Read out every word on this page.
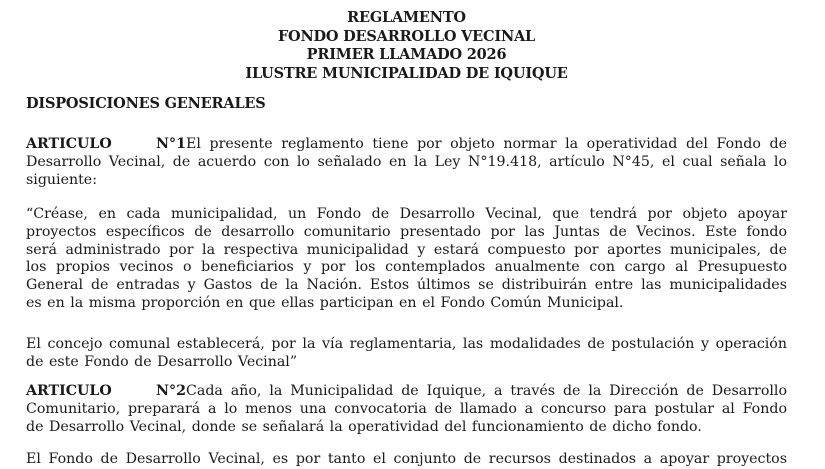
REGLAMENTO
FONDO DESARROLLO VECINAL
PRIMER LLAMADO 2026
ILUSTRE MUNICIPALIDAD DE IQUIQUE
DISPOSICIONES GENERALES
ARTICULO N°1El presente reglamento tiene por objeto normar la operatividad del Fondo de
Desarrollo Vecinal, de acuerdo con lo señalado en la Ley N°19.418, artículo N°45, el cual señala lo
siguiente:
“Créase, en cada municipalidad, un Fondo de Desarrollo Vecinal, que tendrá por objeto apoyar
proyectos específicos de desarrollo comunitario presentado por las Juntas de Vecinos. Este fondo
será administrado por la respectiva municipalidad y estará compuesto por aportes municipales, de
los propios vecinos o beneficiarios y por los contemplados anualmente con cargo al Presupuesto
General de entradas y Gastos de la Nación. Estos últimos se distribuirán entre las municipalidades
es en la misma proporción en que ellas participan en el Fondo Común Municipal.
El concejo comunal establecerá, por la vía reglamentaria, las modalidades de postulación y operación
de este Fondo de Desarrollo Vecinal”
ARTICULO N°2Cada año, la Municipalidad de Iquique, a través de la Dirección de Desarrollo
Comunitario, preparará a lo menos una convocatoria de llamado a concurso para postular al Fondo
de Desarrollo Vecinal, donde se señalará la operatividad del funcionamiento de dicho fondo.
El Fondo de Desarrollo Vecinal, es por tanto el conjunto de recursos destinados a apoyar proyectos
